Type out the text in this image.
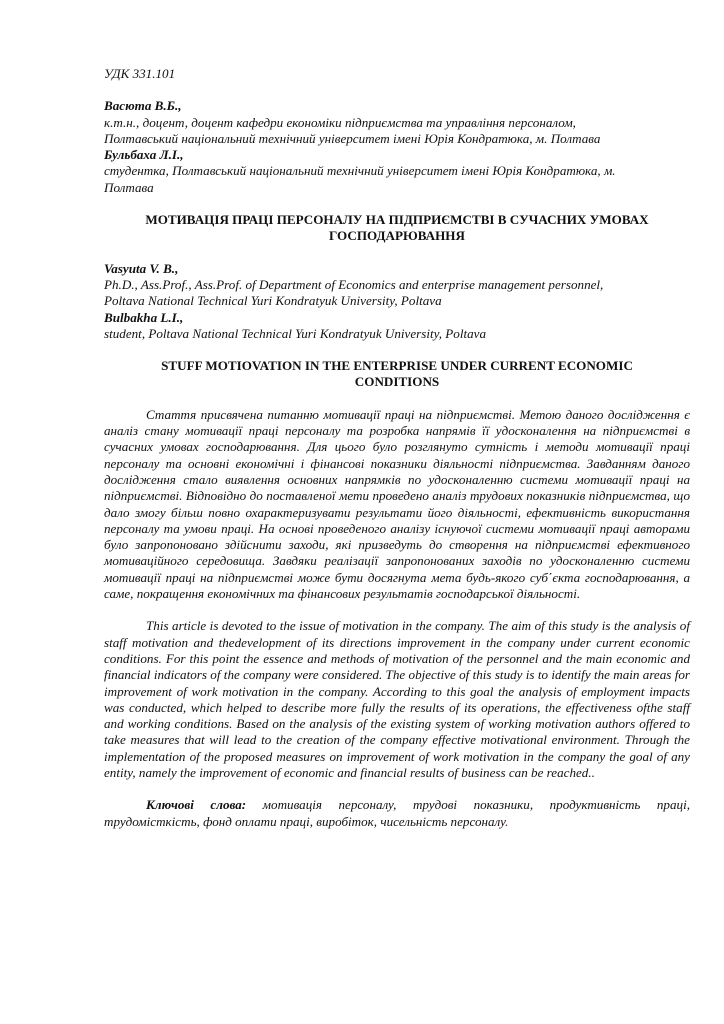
УДК 331.101
Васюта В.Б.,
к.т.н., доцент, доцент кафедри економіки підприємства та управління персоналом,
Полтавський національний технічний університет імені Юрія Кондратюка, м. Полтава
Бульбаха Л.І.,
студентка, Полтавський національний технічний університет імені Юрія Кондратюка, м.
Полтава
МОТИВАЦІЯ ПРАЦІ ПЕРСОНАЛУ НА ПІДПРИЄМСТВІ В СУЧАСНИХ УМОВАХ
ГОСПОДАРЮВАННЯ
Vasyuta V. B.,
Ph.D., Ass.Prof., Ass.Prof. of Department of Economics and enterprise management personnel,
Poltava National Technical Yuri Kondratyuk University, Poltava
Bulbakha L.I.,
student, Poltava National Technical Yuri Kondratyuk University, Poltava
STUFF MOTIOVATION IN THE ENTERPRISE UNDER CURRENT ECONOMIC
CONDITIONS

Стаття присвячена питанню мотивації праці на підприємстві. Метою даного дослідження є аналіз стану мотивації праці персоналу та розробка напрямів її удосконалення на підприємстві в сучасних умовах господарювання. Для цього було розглянуто сутність і методи мотивації праці персоналу та основні економічні і фінансові показники діяльності підприємства. Завданням даного дослідження стало виявлення основних напрямків по удосконаленню системи мотивації праці на підприємстві. Відповідно до поставленої мети проведено аналіз трудових показників підприємства, що дало змогу більш повно охарактеризувати результати його діяльності, ефективність використання персоналу та умови праці. На основі проведеного аналізу існуючої системи мотивації праці авторами було запропоновано здійснити заходи, які призведуть до створення на підприємстві ефективного мотиваційного середовища. Завдяки реалізації запропонованих заходів по удосконаленню системи мотивації праці на підприємстві може бути досягнута мета будь-якого суб΄єкта господарювання, а саме, покращення економічних та фінансових результатів господарської діяльності.

This article is devoted to the issue of motivation in the company. The aim of this study is the analysis of staff motivation and thedevelopment of its directions improvement in the company under current economic conditions. For this point the essence and methods of motivation of the personnel and the main economic and financial indicators of the company were considered. The objective of this study is to identify the main areas for improvement of work motivation in the company. According to this goal the analysis of employment impacts was conducted, which helped to describe more fully the results of its operations, the effectiveness ofthe staff and working conditions. Based on the analysis of the existing system of working motivation authors offered to take measures that will lead to the creation of the company effective motivational environment. Through the implementation of the proposed measures on improvement of work motivation in the company the goal of any entity, namely the improvement of economic and financial results of business can be reached..

Ключові слова: мотивація персоналу, трудові показники, продуктивність праці, трудомісткість, фонд оплати праці, виробіток, чисельність персоналу.
